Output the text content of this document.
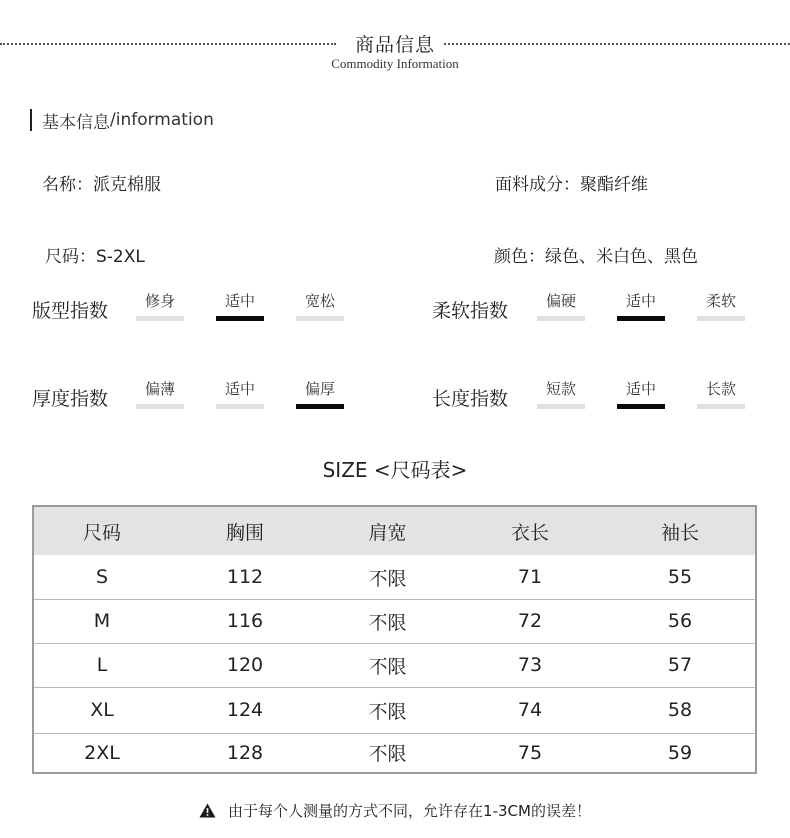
商品信息
Commodity Information
基本信息 /information
名称：派克棉服	面料成分：聚酯纤维
尺码：S-2XL	颜色：绿色、米白色、黑色
版型指数	修身	适中	宽松	柔软指数	偏硬	适中	柔软
厚度指数	偏薄	适中	偏厚	长度指数	短款	适中	长款
SIZE <尺码表>
尺码	胸围	肩宽	衣长	袖长
S	112	不限	71	55
M	116	不限	72	56
L	120	不限	73	57
XL	124	不限	74	58
2XL	128	不限	75	59
由于每个人测量的方式不同，允许存在1-3CM的误差！
